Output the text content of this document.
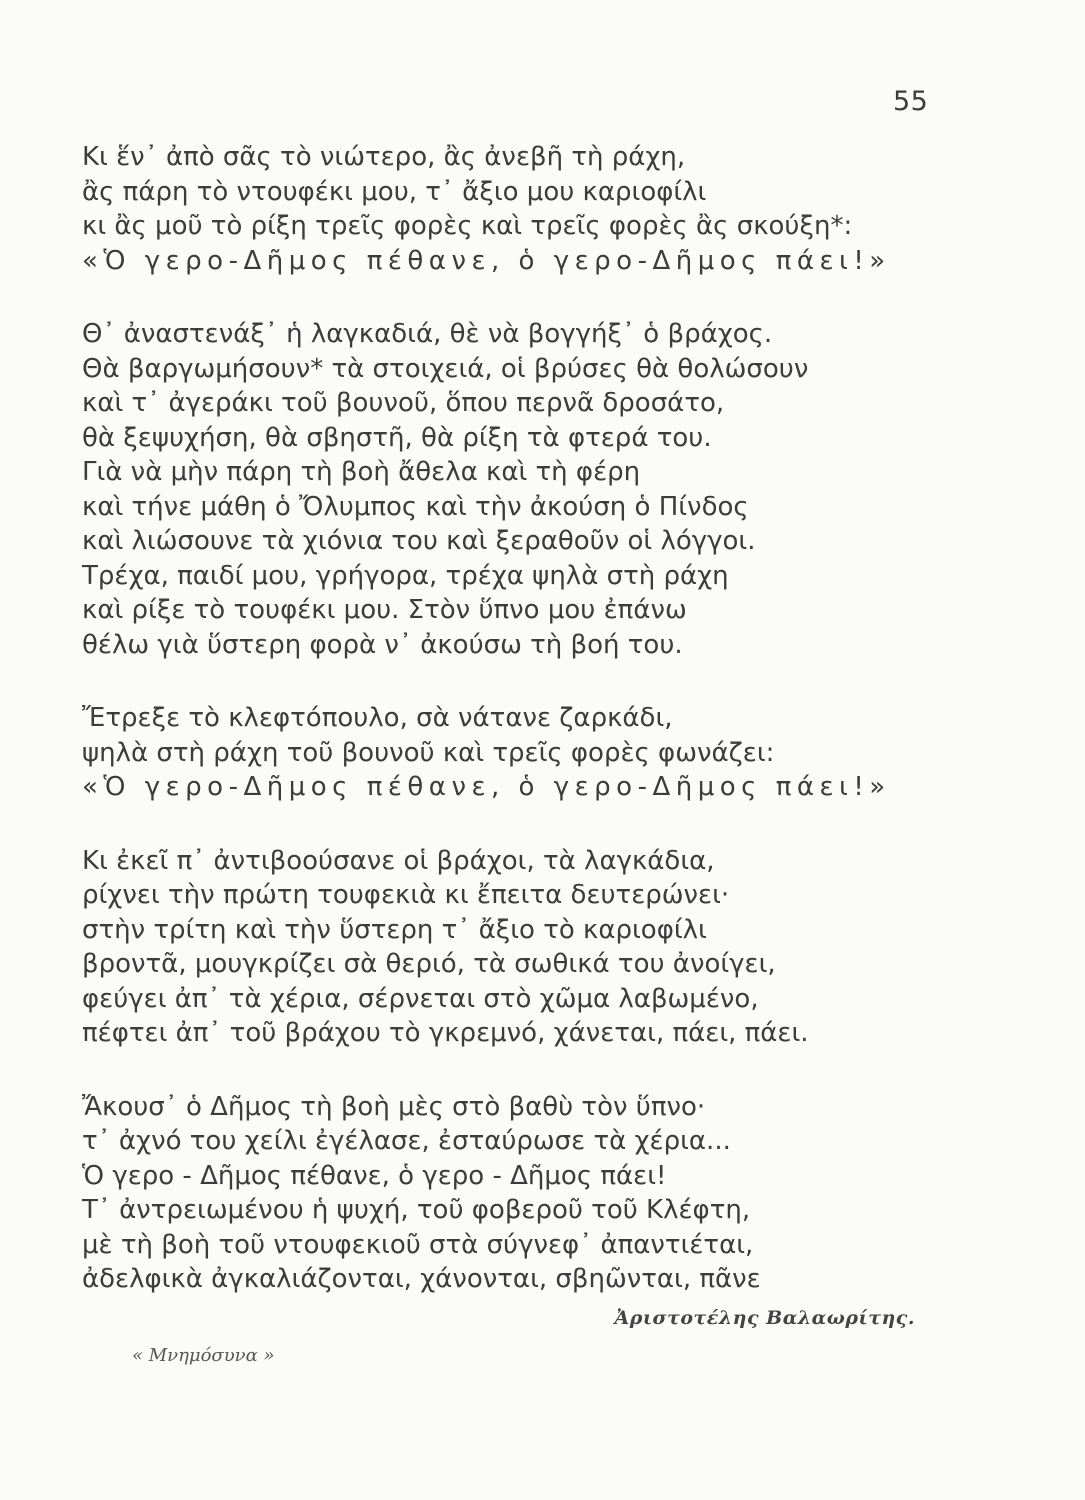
55
Κι ἕν᾿ ἀπὸ σᾶς τὸ νιώτερο, ἂς ἀνεβῆ τὴ ράχη,
ἂς πάρη τὸ ντουφέκι μου, τ᾿ ἄξιο μου καριοφίλι
κι ἂς μοῦ τὸ ρίξη τρεῖς φορὲς καὶ τρεῖς φορὲς ἂς σκούξη*:
«Ὁ γερο-Δῆμος πέθανε, ὁ γερο-Δῆμος πάει!»
Θ᾿ ἀναστενάξ᾿ ἡ λαγκαδιά, θὲ νὰ βογγήξ᾿ ὁ βράχος.
Θὰ βαργωμήσουν* τὰ στοιχειά, οἱ βρύσες θὰ θολώσουν
καὶ τ᾿ ἀγεράκι τοῦ βουνοῦ, ὅπου περνᾶ δροσάτο,
θὰ ξεψυχήση, θὰ σβηστῆ, θὰ ρίξη τὰ φτερά του.
Γιὰ νὰ μὴν πάρη τὴ βοὴ ἄθελα καὶ τὴ φέρη
καὶ τήνε μάθη ὁ Ὄλυμπος καὶ τὴν ἀκούση ὁ Πίνδος
καὶ λιώσουνε τὰ χιόνια του καὶ ξεραθοῦν οἱ λόγγοι.
Τρέχα, παιδί μου, γρήγορα, τρέχα ψηλὰ στὴ ράχη
καὶ ρίξε τὸ τουφέκι μου. Στὸν ὕπνο μου ἐπάνω
θέλω γιὰ ὕστερη φορὰ ν᾿ ἀκούσω τὴ βοή του.
Ἔτρεξε τὸ κλεφτόπουλο, σὰ νάτανε ζαρκάδι,
ψηλὰ στὴ ράχη τοῦ βουνοῦ καὶ τρεῖς φορὲς φωνάζει:
«Ὁ γερο-Δῆμος πέθανε, ὁ γερο-Δῆμος πάει!»
Κι ἐκεῖ π᾿ ἀντιβοούσανε οἱ βράχοι, τὰ λαγκάδια,
ρίχνει τὴν πρώτη τουφεκιὰ κι ἔπειτα δευτερώνει·
στὴν τρίτη καὶ τὴν ὕστερη τ᾿ ἄξιο τὸ καριοφίλι
βροντᾶ, μουγκρίζει σὰ θεριό, τὰ σωθικά του ἀνοίγει,
φεύγει ἀπ᾿ τὰ χέρια, σέρνεται στὸ χῶμα λαβωμένο,
πέφτει ἀπ᾿ τοῦ βράχου τὸ γκρεμνό, χάνεται, πάει, πάει.
Ἄκουσ᾿ ὁ Δῆμος τὴ βοὴ μὲς στὸ βαθὺ τὸν ὕπνο·
τ᾿ ἀχνό του χείλι ἐγέλασε, ἐσταύρωσε τὰ χέρια...
Ὁ γερο - Δῆμος πέθανε, ὁ γερο - Δῆμος πάει!
Τ᾿ ἀντρειωμένου ἡ ψυχή, τοῦ φοβεροῦ τοῦ Κλέφτη,
μὲ τὴ βοὴ τοῦ ντουφεκιοῦ στὰ σύγνεφ᾿ ἀπαντιέται,
ἀδελφικὰ ἀγκαλιάζονται, χάνονται, σβηῶνται, πᾶνε
Ἀριστοτέλης Βαλαωρίτης.
« Μνημόσυνα »
